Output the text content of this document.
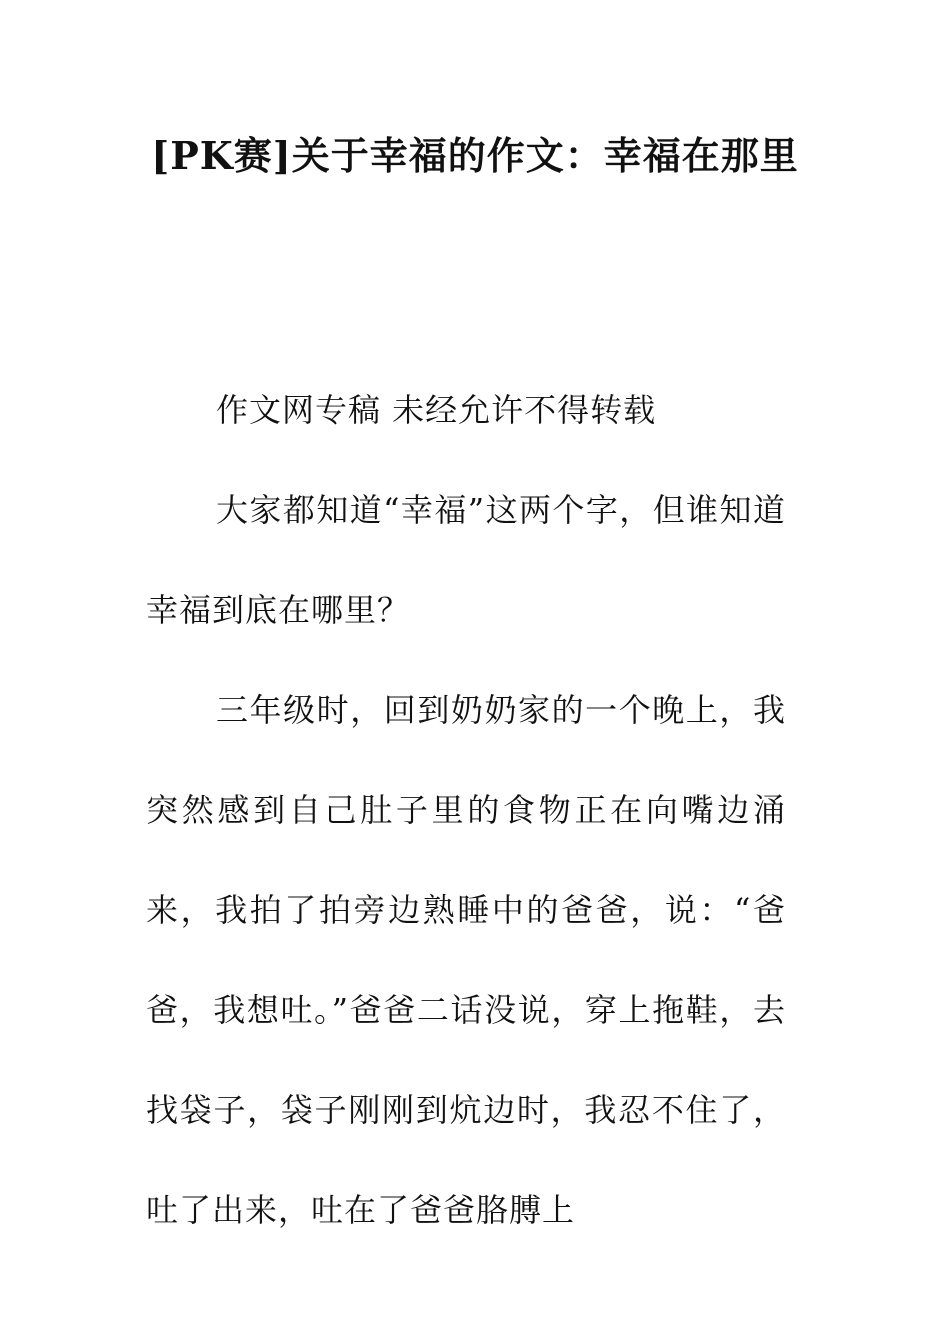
[PK赛]关于幸福的作文：幸福在那里

作文网专稿 未经允许不得转载

大家都知道“幸福”这两个字，但谁知道幸福到底在哪里？

三年级时，回到奶奶家的一个晚上，我突然感到自己肚子里的食物正在向嘴边涌来，我拍了拍旁边熟睡中的爸爸，说：“爸爸，我想吐。”爸爸二话没说，穿上拖鞋，去找袋子，袋子刚刚到炕边时，我忍不住了，吐了出来，吐在了爸爸胳膊上
